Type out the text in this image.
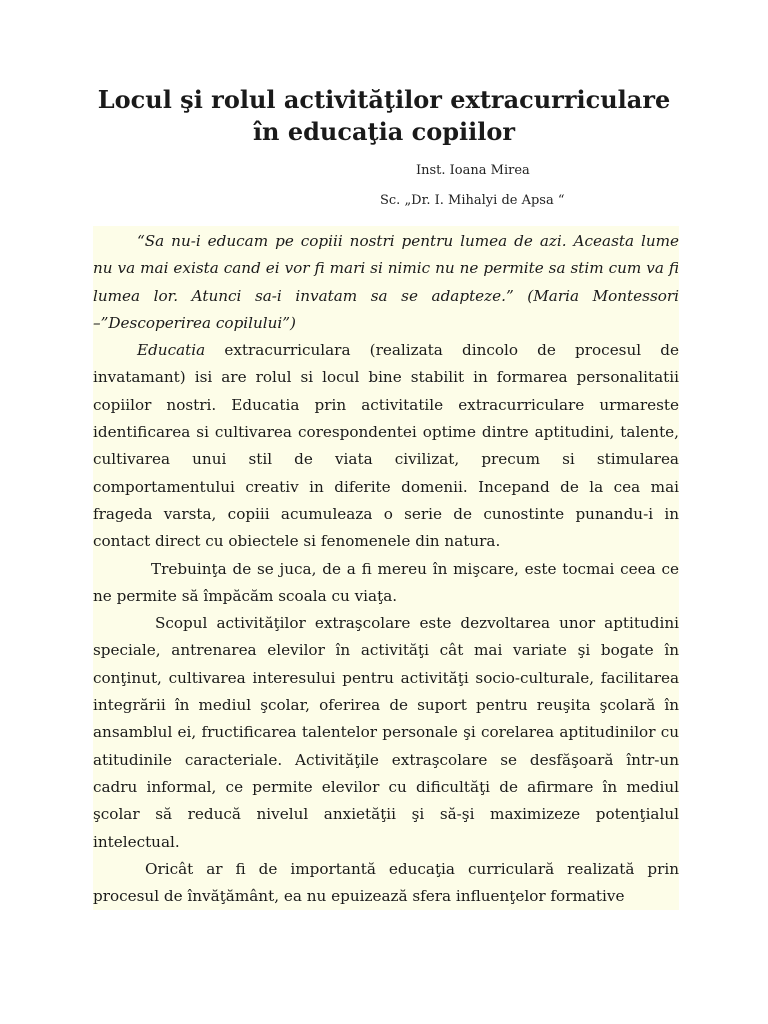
Locul şi rolul activităţilor extracurriculare
în educaţia copiilor
Inst. Ioana Mirea
Sc. „Dr. I. Mihalyi de Apsa “

“Sa nu-i educam pe copiii nostri pentru lumea de azi. Aceasta lume nu va mai exista cand ei vor fi mari si nimic nu ne permite sa stim cum va fi lumea lor. Atunci sa-i invatam sa se adapteze.” (Maria Montessori –”Descoperirea copilului”)

Educatia extracurriculara (realizata dincolo de procesul de invatamant) isi are rolul si locul bine stabilit in formarea personalitatii copiilor nostri. Educatia prin activitatile extracurriculare urmareste identificarea si cultivarea corespondentei optime dintre aptitudini, talente, cultivarea unui stil de viata civilizat, precum si stimularea comportamentului creativ in diferite domenii. Incepand de la cea mai frageda varsta, copiii acumuleaza o serie de cunostinte punandu-i in contact direct cu obiectele si fenomenele din natura.

Trebuinţa de se juca, de a fi mereu în mişcare, este tocmai ceea ce ne permite să împăcăm scoala cu viaţa.

Scopul activităţilor extraşcolare este dezvoltarea unor aptitudini speciale, antrenarea elevilor în activităţi cât mai variate şi bogate în conţinut, cultivarea interesului pentru activităţi socio-culturale, facilitarea integrării în mediul şcolar, oferirea de suport pentru reuşita şcolară în ansamblul ei, fructificarea talentelor personale şi corelarea aptitudinilor cu atitudinile caracteriale. Activităţile extraşcolare se desfăşoară într-un cadru informal, ce permite elevilor cu dificultăţi de afirmare în mediul şcolar să reducă nivelul anxietăţii şi să-şi maximizeze potenţialul intelectual.

Oricât ar fi de importantă educaţia curriculară realizată prin procesul de învăţământ, ea nu epuizează sfera influenţelor formative
